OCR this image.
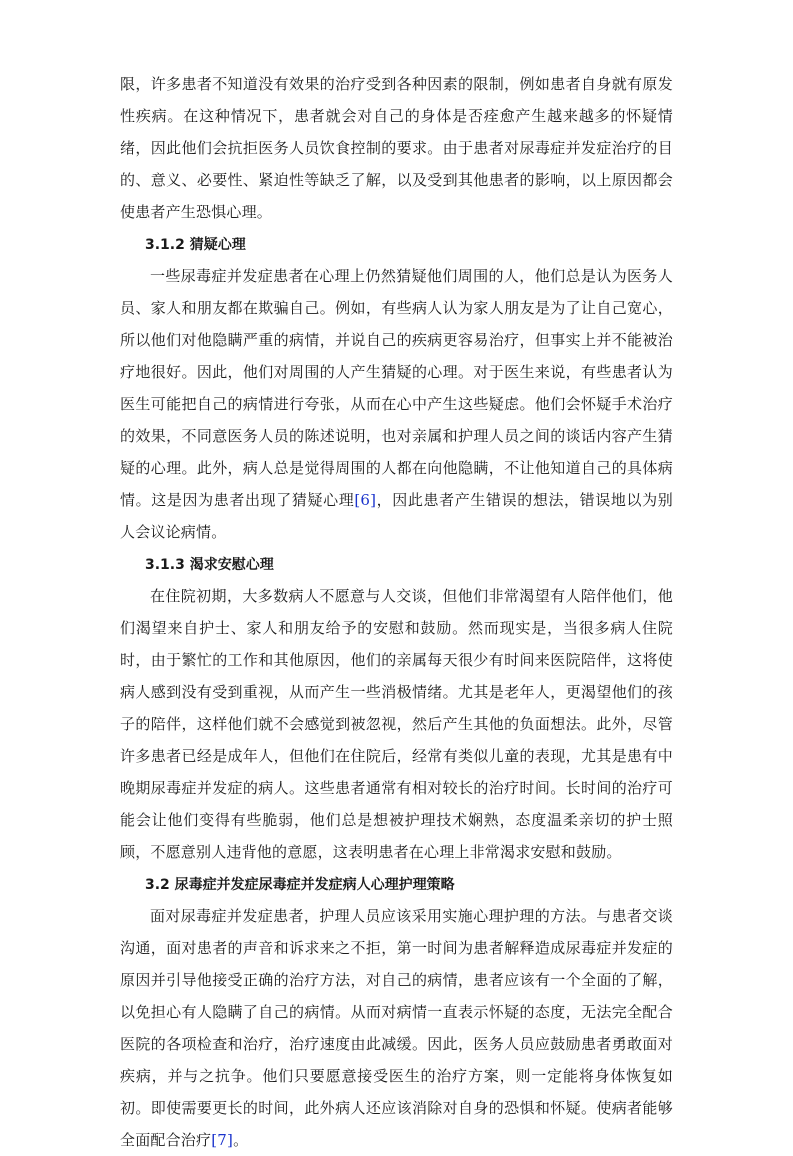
限，许多患者不知道没有效果的治疗受到各种因素的限制，例如患者自身就有原发性疾病。在这种情况下，患者就会对自己的身体是否痊愈产生越来越多的怀疑情绪，因此他们会抗拒医务人员饮食控制的要求。由于患者对尿毒症并发症治疗的目的、意义、必要性、紧迫性等缺乏了解，以及受到其他患者的影响，以上原因都会使患者产生恐惧心理。

3.1.2 猜疑心理

一些尿毒症并发症患者在心理上仍然猜疑他们周围的人，他们总是认为医务人员、家人和朋友都在欺骗自己。例如，有些病人认为家人朋友是为了让自己宽心，所以他们对他隐瞒严重的病情，并说自己的疾病更容易治疗，但事实上并不能被治疗地很好。因此，他们对周围的人产生猜疑的心理。对于医生来说，有些患者认为医生可能把自己的病情进行夸张，从而在心中产生这些疑虑。他们会怀疑手术治疗的效果，不同意医务人员的陈述说明，也对亲属和护理人员之间的谈话内容产生猜疑的心理。此外，病人总是觉得周围的人都在向他隐瞒，不让他知道自己的具体病情。这是因为患者出现了猜疑心理[6]，因此患者产生错误的想法，错误地以为别人会议论病情。

3.1.3 渴求安慰心理

在住院初期，大多数病人不愿意与人交谈，但他们非常渴望有人陪伴他们，他们渴望来自护士、家人和朋友给予的安慰和鼓励。然而现实是，当很多病人住院时，由于繁忙的工作和其他原因，他们的亲属每天很少有时间来医院陪伴，这将使病人感到没有受到重视，从而产生一些消极情绪。尤其是老年人，更渴望他们的孩子的陪伴，这样他们就不会感觉到被忽视，然后产生其他的负面想法。此外，尽管许多患者已经是成年人，但他们在住院后，经常有类似儿童的表现，尤其是患有中晚期尿毒症并发症的病人。这些患者通常有相对较长的治疗时间。长时间的治疗可能会让他们变得有些脆弱，他们总是想被护理技术娴熟，态度温柔亲切的护士照顾，不愿意别人违背他的意愿，这表明患者在心理上非常渴求安慰和鼓励。

3.2 尿毒症并发症尿毒症并发症病人心理护理策略

面对尿毒症并发症患者，护理人员应该采用实施心理护理的方法。与患者交谈沟通，面对患者的声音和诉求来之不拒，第一时间为患者解释造成尿毒症并发症的原因并引导他接受正确的治疗方法，对自己的病情，患者应该有一个全面的了解，以免担心有人隐瞒了自己的病情。从而对病情一直表示怀疑的态度，无法完全配合医院的各项检查和治疗，治疗速度由此减缓。因此，医务人员应鼓励患者勇敢面对疾病，并与之抗争。他们只要愿意接受医生的治疗方案，则一定能将身体恢复如初。即使需要更长的时间，此外病人还应该消除对自身的恐惧和怀疑。使病者能够全面配合治疗[7]。
